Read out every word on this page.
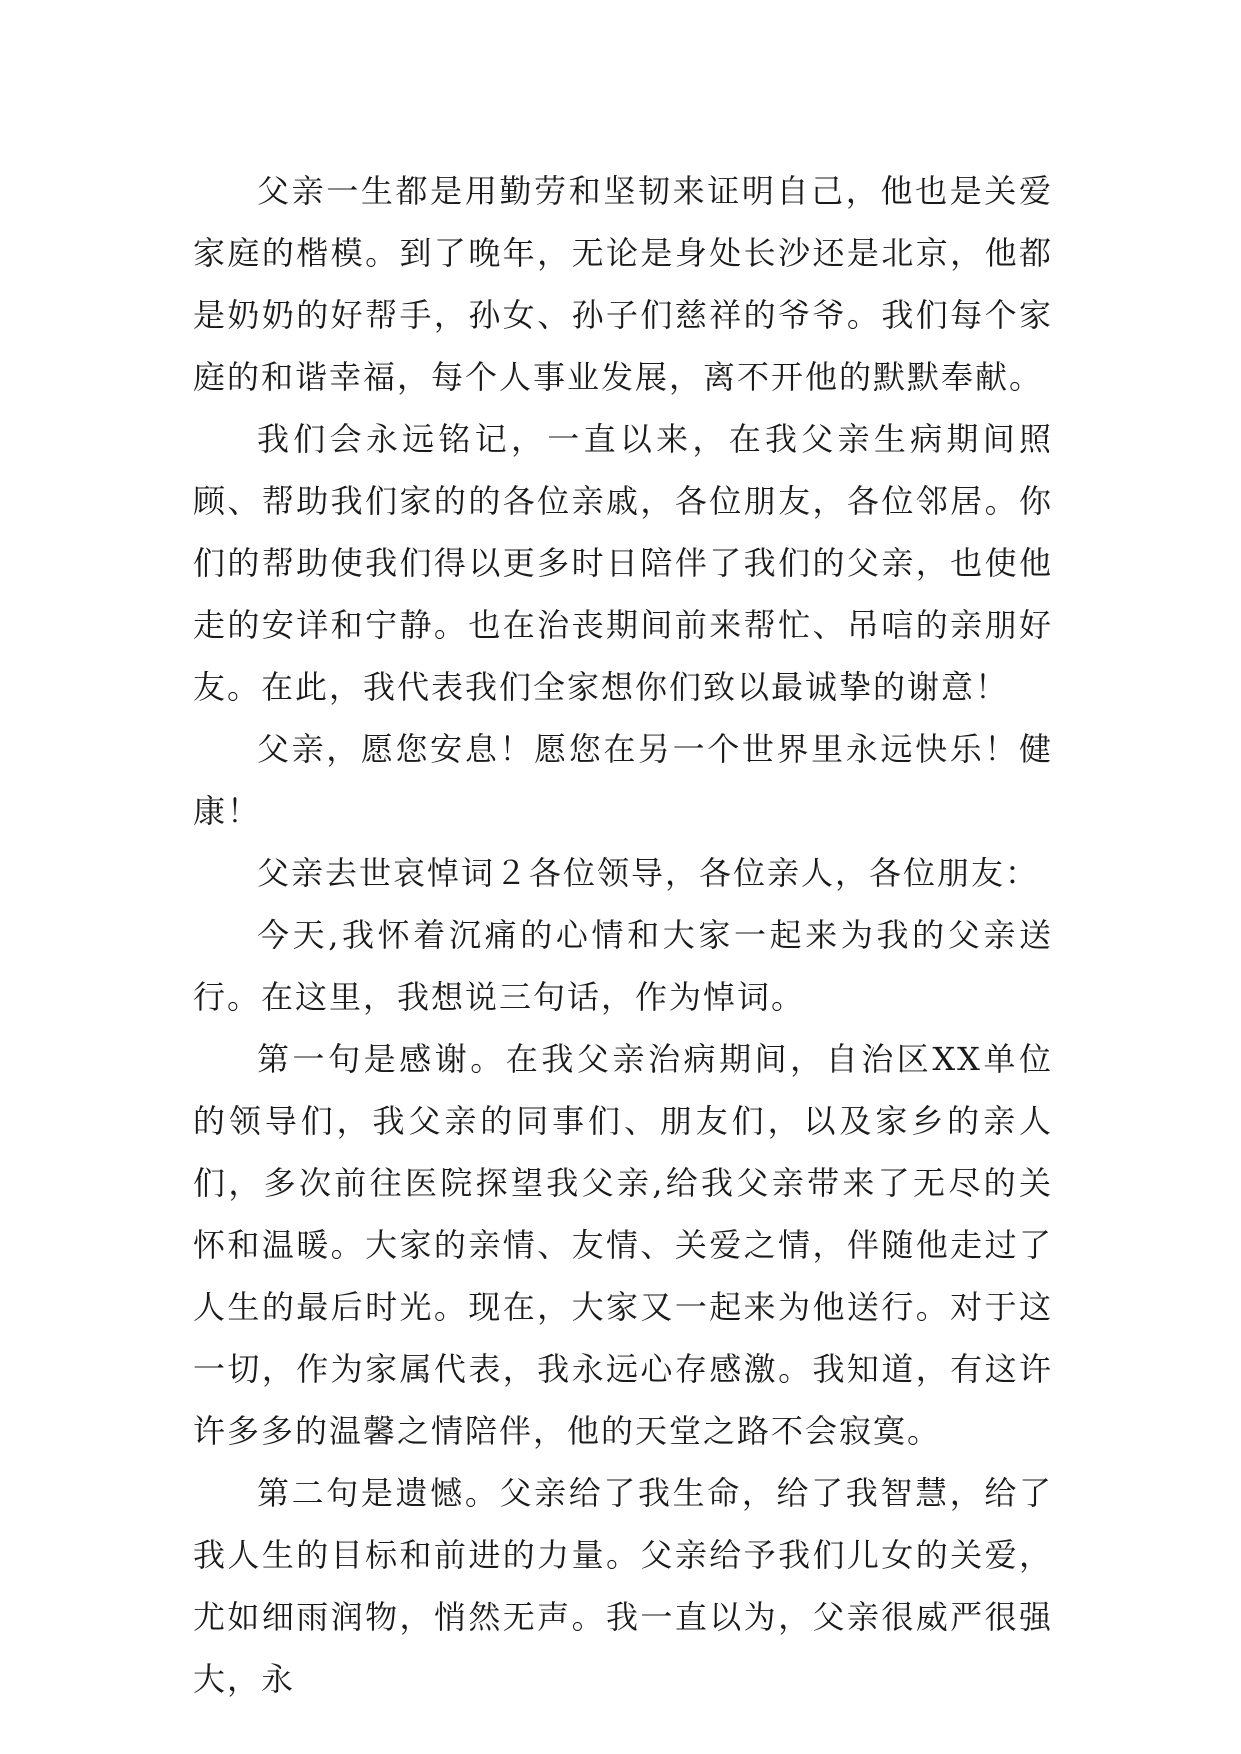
父亲一生都是用勤劳和坚韧来证明自己，他也是关爱家庭的楷模。到了晚年，无论是身处长沙还是北京，他都是奶奶的好帮手，孙女、孙子们慈祥的爷爷。我们每个家庭的和谐幸福，每个人事业发展，离不开他的默默奉献。

我们会永远铭记，一直以来，在我父亲生病期间照顾、帮助我们家的的各位亲戚，各位朋友，各位邻居。你们的帮助使我们得以更多时日陪伴了我们的父亲，也使他走的安详和宁静。也在治丧期间前来帮忙、吊唁的亲朋好友。在此，我代表我们全家想你们致以最诚挚的谢意！

父亲，愿您安息！愿您在另一个世界里永远快乐！健康！

父亲去世哀悼词２各位领导，各位亲人，各位朋友：

今天,我怀着沉痛的心情和大家一起来为我的父亲送行。在这里，我想说三句话，作为悼词。

第一句是感谢。在我父亲治病期间，自治区XX单位的领导们，我父亲的同事们、朋友们，以及家乡的亲人们，多次前往医院探望我父亲,给我父亲带来了无尽的关怀和温暖。大家的亲情、友情、关爱之情，伴随他走过了人生的最后时光。现在，大家又一起来为他送行。对于这一切，作为家属代表，我永远心存感激。我知道，有这许许多多的温馨之情陪伴，他的天堂之路不会寂寞。

第二句是遗憾。父亲给了我生命，给了我智慧，给了我人生的目标和前进的力量。父亲给予我们儿女的关爱，尤如细雨润物，悄然无声。我一直以为，父亲很威严很强大，永
